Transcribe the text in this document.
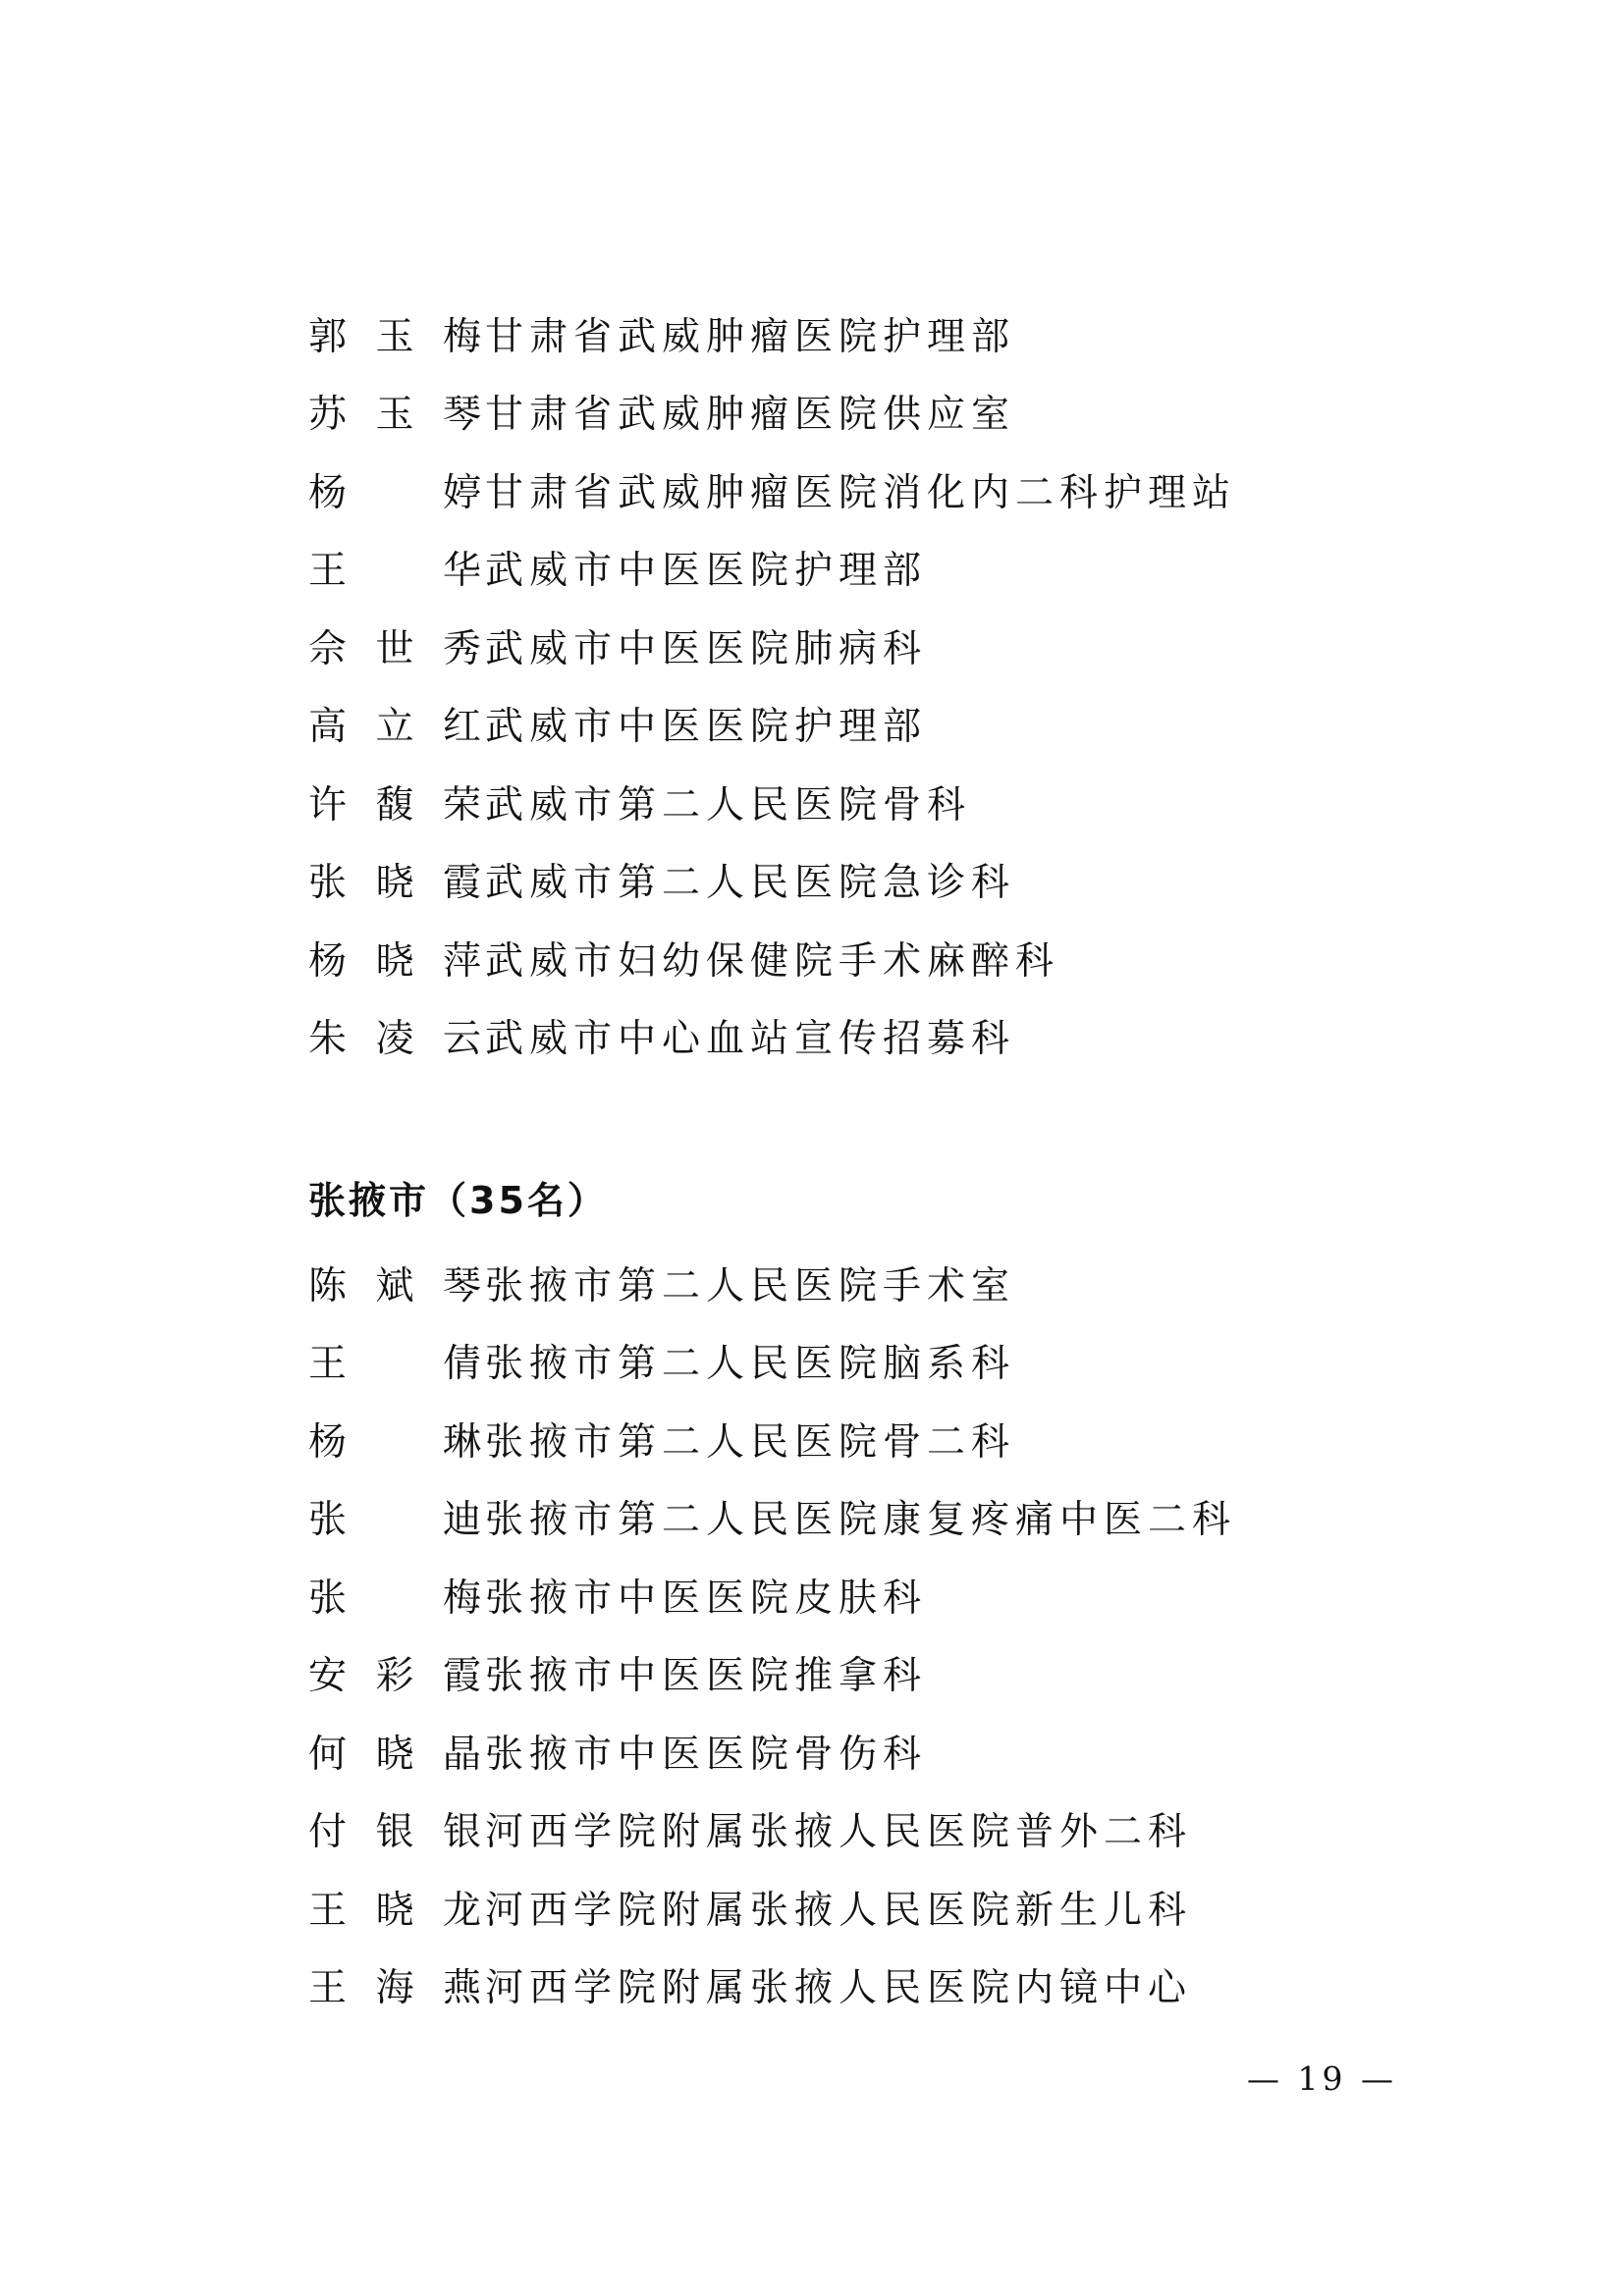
郭玉梅 甘肃省武威肿瘤医院护理部
苏玉琴 甘肃省武威肿瘤医院供应室
杨婷 甘肃省武威肿瘤医院消化内二科护理站
王华 武威市中医医院护理部
佘世秀 武威市中医医院肺病科
高立红 武威市中医医院护理部
许馥荣 武威市第二人民医院骨科
张晓霞 武威市第二人民医院急诊科
杨晓萍 武威市妇幼保健院手术麻醉科
朱凌云 武威市中心血站宣传招募科
张掖市（35名）
陈斌琴 张掖市第二人民医院手术室
王倩 张掖市第二人民医院脑系科
杨琳 张掖市第二人民医院骨二科
张迪 张掖市第二人民医院康复疼痛中医二科
张梅 张掖市中医医院皮肤科
安彩霞 张掖市中医医院推拿科
何晓晶 张掖市中医医院骨伤科
付银银 河西学院附属张掖人民医院普外二科
王晓龙 河西学院附属张掖人民医院新生儿科
王海燕 河西学院附属张掖人民医院内镜中心
— 19 —
